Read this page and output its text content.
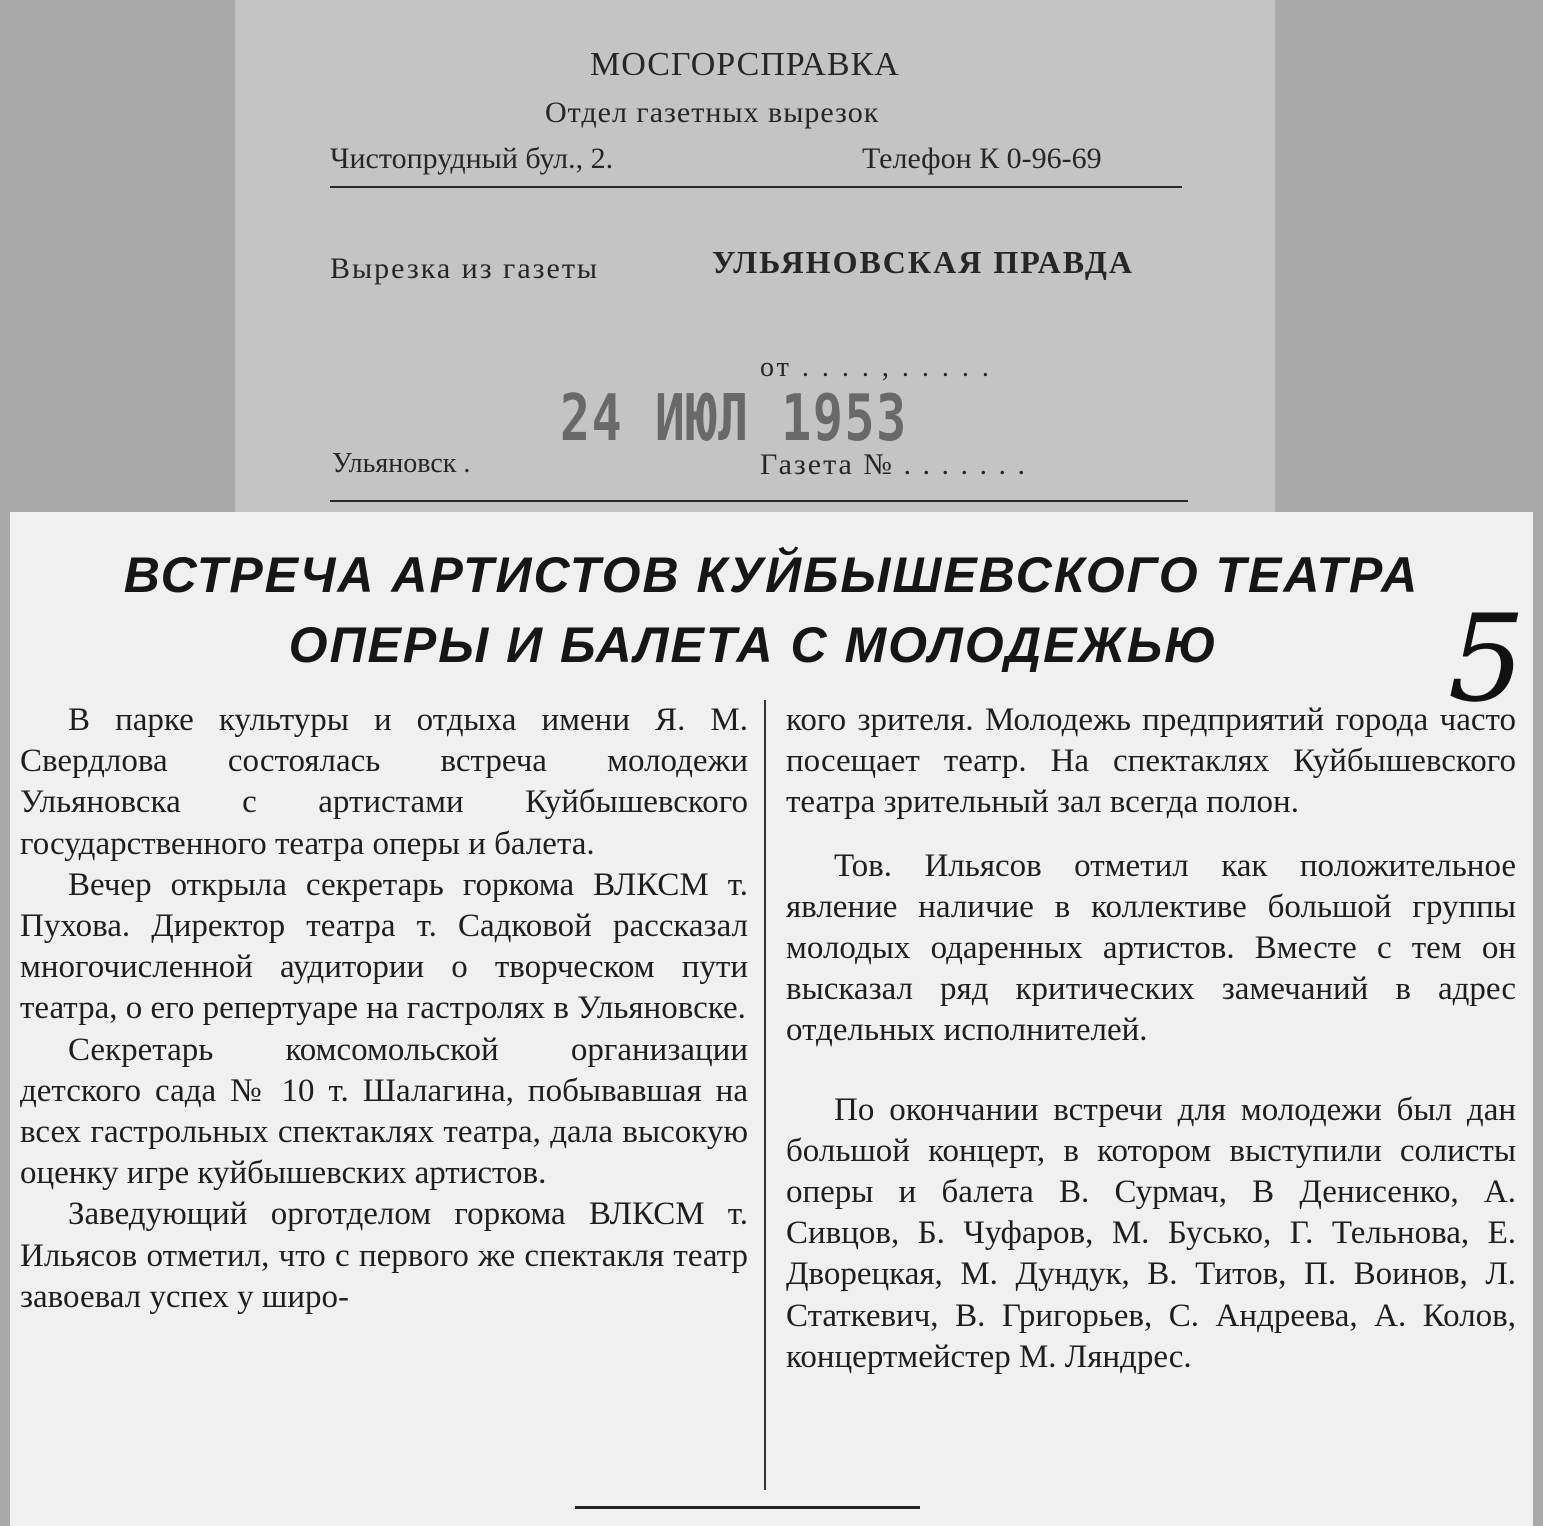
МОСГОРСПРАВКА
Отдел газетных вырезок
Чистопрудный бул., 2.	Телефон К 0-96-69
Вырезка из газеты	УЛЬЯНОВСКАЯ ПРАВДА
от . . . . , . . . . .
24 ИЮЛ 1953
Ульяновск .	Газета № . . . . . . .
ВСТРЕЧА АРТИСТОВ КУЙБЫШЕВСКОГО ТЕАТРА
ОПЕРЫ И БАЛЕТА С МОЛОДЕЖЬЮ	5

В парке культуры и отдыха имени Я. М. Свердлова состоялась встреча молодежи Ульяновска с артистами Куйбышевского государственного театра оперы и балета.

Вечер открыла секретарь горкома ВЛКСМ т. Пухова. Директор театра т. Садковой рассказал многочисленной аудитории о творческом пути театра, о его репертуаре на гастролях в Ульяновске.

Секретарь комсомольской организации детского сада № 10 т. Шалагина, побывавшая на всех гастрольных спектаклях театра, дала высокую оценку игре куйбышевских артистов.

Заведующий орготделом горкома ВЛКСМ т. Ильясов отметил, что с первого же спектакля театр завоевал успех у широ-

кого зрителя. Молодежь предприятий города часто посещает театр. На спектаклях Куйбышевского театра зрительный зал всегда полон.

Тов. Ильясов отметил как положительное явление наличие в коллективе большой группы молодых одаренных артистов. Вместе с тем он высказал ряд критических замечаний в адрес отдельных исполнителей.

По окончании встречи для молодежи был дан большой концерт, в котором выступили солисты оперы и балета В. Сурмач, В Денисенко, А. Сивцов, Б. Чуфаров, М. Бусько, Г. Тельнова, Е. Дворецкая, М. Дундук, В. Титов, П. Воинов, Л. Статкевич, В. Григорьев, С. Андреева, А. Колов, концертмейстер М. Ляндрес.
